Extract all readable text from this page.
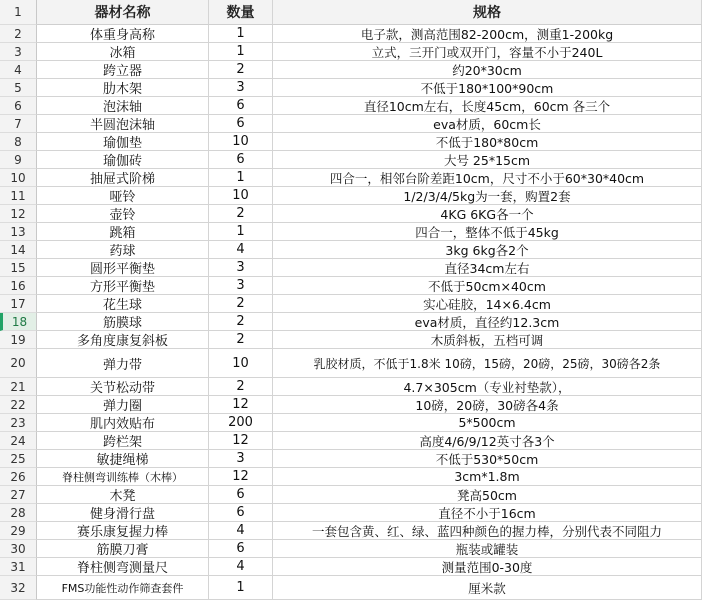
1	器材名称	数量	规格
2	体重身高称	1	电子款，测高范围82-200cm，测重1-200kg
3	冰箱	1	立式，三开门或双开门，容量不小于240L
4	跨立器	2	约20*30cm
5	肋木架	3	不低于180*100*90cm
6	泡沫轴	6	直径10cm左右，长度45cm，60cm 各三个
7	半圆泡沫轴	6	eva材质，60cm长
8	瑜伽垫	10	不低于180*80cm
9	瑜伽砖	6	大号 25*15cm
10	抽屉式阶梯	1	四合一，相邻台阶差距10cm，尺寸不小于60*30*40cm
11	哑铃	10	1/2/3/4/5kg为一套，购置2套
12	壶铃	2	4KG 6KG各一个
13	跳箱	1	四合一，整体不低于45kg
14	药球	4	3kg 6kg各2个
15	圆形平衡垫	3	直径34cm左右
16	方形平衡垫	3	不低于50cm×40cm
17	花生球	2	实心硅胶，14×6.4cm
18	筋膜球	2	eva材质，直径约12.3cm
19	多角度康复斜板	2	木质斜板，五档可调
20	弹力带	10	乳胶材质，不低于1.8米 10磅，15磅，20磅，25磅，30磅各2条
21	关节松动带	2	4.7×305cm（专业衬垫款），
22	弹力圈	12	10磅，20磅，30磅各4条
23	肌内效贴布	200	5*500cm
24	跨栏架	12	高度4/6/9/12英寸各3个
25	敏捷绳梯	3	不低于530*50cm
26	脊柱侧弯训练棒（木棒）	12	3cm*1.8m
27	木凳	6	凳高50cm
28	健身滑行盘	6	直径不小于16cm
29	赛乐康复握力棒	4	一套包含黄、红、绿、蓝四种颜色的握力棒，分别代表不同阻力
30	筋膜刀膏	6	瓶装或罐装
31	脊柱侧弯测量尺	4	测量范围0-30度
32	FMS功能性动作筛查套件	1	厘米款
